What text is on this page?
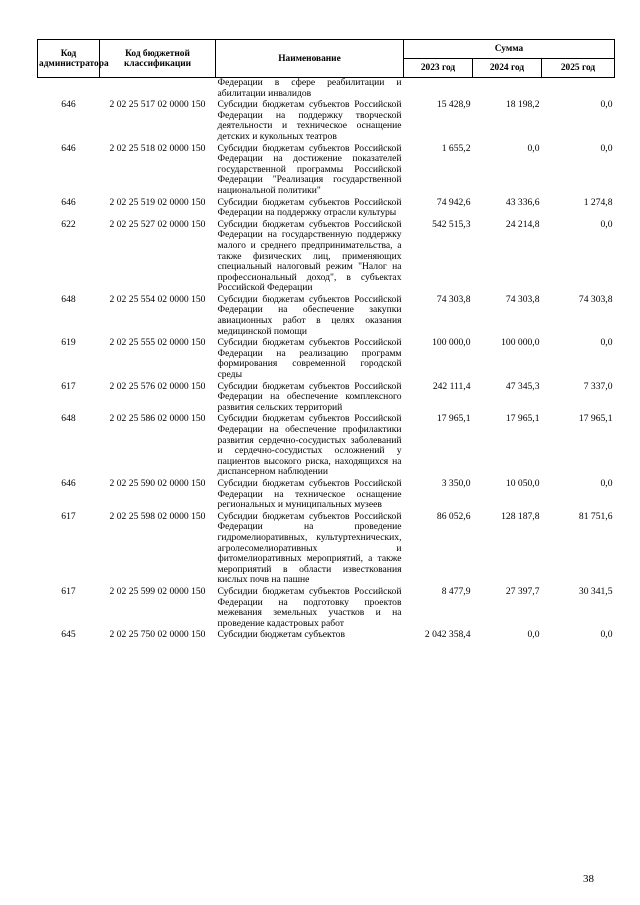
Код администратора	Код бюджетной классификации	Наименование	Сумма		
			2023 год	2024 год	2025 год
		Федерации в сфере реабилитации и абилитации инвалидов			
646	2 02 25 517 02 0000 150	Субсидии бюджетам субъектов Российской Федерации на поддержку творческой деятельности и техническое оснащение детских и кукольных театров	15 428,9	18 198,2	0,0
646	2 02 25 518 02 0000 150	Субсидии бюджетам субъектов Российской Федерации на достижение показателей государственной программы Российской Федерации "Реализация государственной национальной политики"	1 655,2	0,0	0,0
646	2 02 25 519 02 0000 150	Субсидии бюджетам субъектов Российской Федерации на поддержку отрасли культуры	74 942,6	43 336,6	1 274,8
622	2 02 25 527 02 0000 150	Субсидии бюджетам субъектов Российской Федерации на государственную поддержку малого и среднего предпринимательства, а также физических лиц, применяющих специальный налоговый режим "Налог на профессиональный доход", в субъектах Российской Федерации	542 515,3	24 214,8	0,0
648	2 02 25 554 02 0000 150	Субсидии бюджетам субъектов Российской Федерации на обеспечение закупки авиационных работ в целях оказания медицинской помощи	74 303,8	74 303,8	74 303,8
619	2 02 25 555 02 0000 150	Субсидии бюджетам субъектов Российской Федерации на реализацию программ формирования современной городской среды	100 000,0	100 000,0	0,0
617	2 02 25 576 02 0000 150	Субсидии бюджетам субъектов Российской Федерации на обеспечение комплексного развития сельских территорий	242 111,4	47 345,3	7 337,0
648	2 02 25 586 02 0000 150	Субсидии бюджетам субъектов Российской Федерации на обеспечение профилактики развития сердечно-сосудистых заболеваний и сердечно-сосудистых осложнений у пациентов высокого риска, находящихся на диспансерном наблюдении	17 965,1	17 965,1	17 965,1
646	2 02 25 590 02 0000 150	Субсидии бюджетам субъектов Российской Федерации на техническое оснащение региональных и муниципальных музеев	3 350,0	10 050,0	0,0
617	2 02 25 598 02 0000 150	Субсидии бюджетам субъектов Российской Федерации на проведение гидромелиоративных, культуртехнических, агролесомелиоративных и фитомелиоративных мероприятий, а также мероприятий в области известкования кислых почв на пашне	86 052,6	128 187,8	81 751,6
617	2 02 25 599 02 0000 150	Субсидии бюджетам субъектов Российской Федерации на подготовку проектов межевания земельных участков и на проведение кадастровых работ	8 477,9	27 397,7	30 341,5
645	2 02 25 750 02 0000 150	Субсидии бюджетам субъектов	2 042 358,4	0,0	0,0
38
